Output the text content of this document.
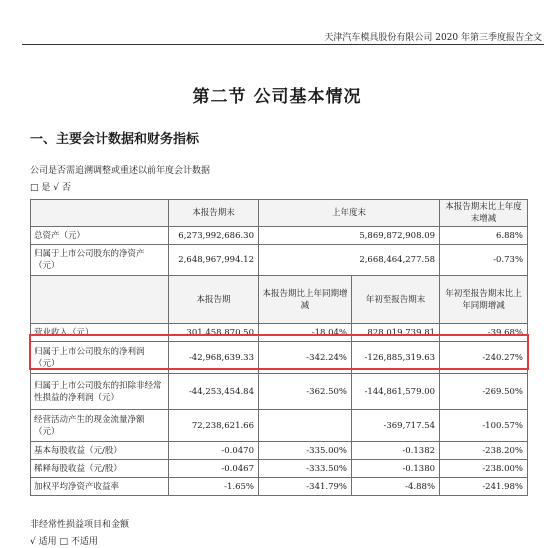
天津汽车模具股份有限公司 2020 年第三季度报告全文
第二节 公司基本情况
一、主要会计数据和财务指标
公司是否需追溯调整或重述以前年度会计数据
□ 是 √ 否
	本报告期末	上年度末		本报告期末比上年度末增减
总资产（元）	6,273,992,686.30	5,869,872,908.09		6.88%
归属于上市公司股东的净资产（元）	2,648,967,994.12	2,668,464,277.58		-0.73%
	本报告期	本报告期比上年同期增减	年初至报告期末	年初至报告期末比上年同期增减
营业收入（元）	301,458,870.50	-18.04%	828,019,739.81	-39.68%
归属于上市公司股东的净利润（元）	-42,968,639.33	-342.24%	-126,885,319.63	-240.27%
归属于上市公司股东的扣除非经常性损益的净利润（元）	-44,253,454.84	-362.50%	-144,861,579.00	-269.50%
经营活动产生的现金流量净额（元）	72,238,621.66		-369,717.54	-100.57%
基本每股收益（元/股）	-0.0470	-335.00%	-0.1382	-238.20%
稀释每股收益（元/股）	-0.0467	-333.50%	-0.1380	-238.00%
加权平均净资产收益率	-1.65%	-341.79%	-4.88%	-241.98%
非经常性损益项目和金额
√ 适用 □ 不适用
